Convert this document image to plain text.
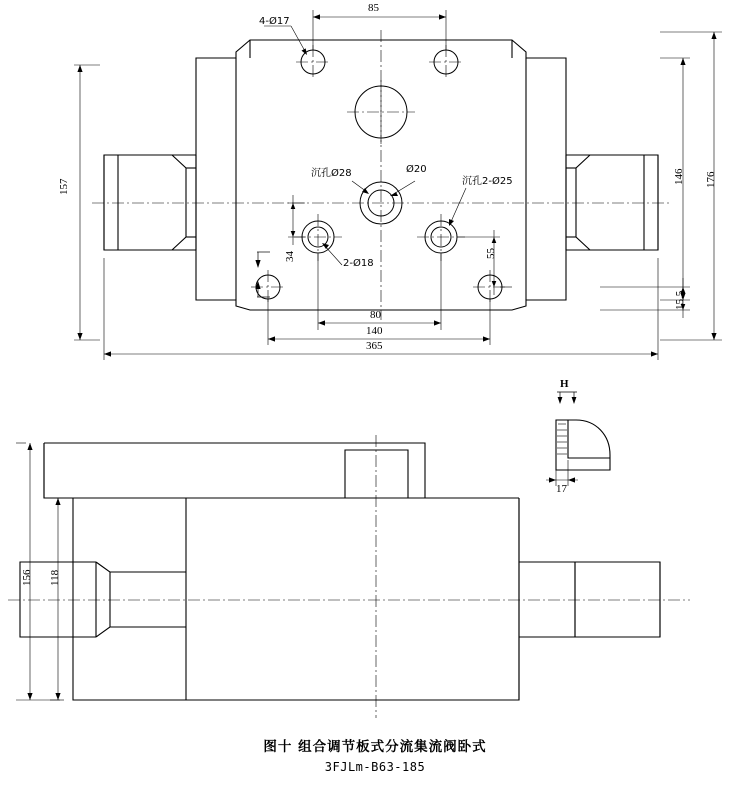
85
157
146 176
34	55
15.5
80
140
365
4-Ø17
沉孔Ø28	Ø20
沉孔2-Ø25
2-Ø18
156 118
H
17
图十 组合调节板式分流集流阀卧式
3FJLm-B63-185
